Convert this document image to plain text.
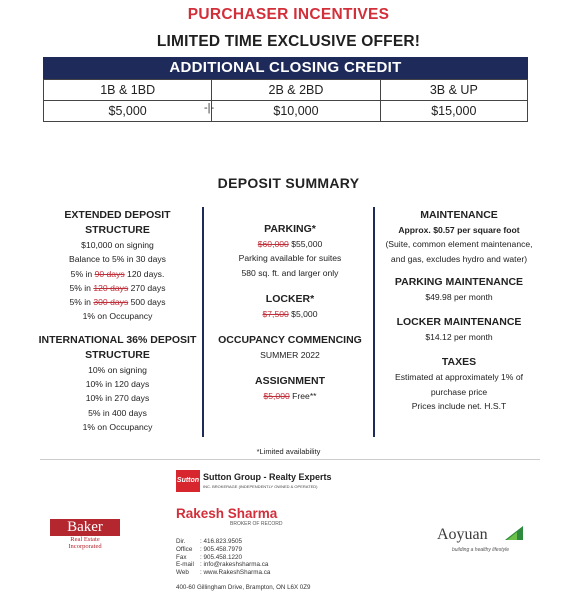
PURCHASER INCENTIVES
LIMITED TIME EXCLUSIVE OFFER!
ADDITIONAL CLOSING CREDIT
1B & 1BD	2B & 2BD	3B & UP
$5,000	$10,000	$15,000
-|-
DEPOSIT SUMMARY
EXTENDED DEPOSIT
STRUCTURE
$10,000 on signing
Balance to 5% in 30 days
5% in 90 days 120 days.
5% in 120 days 270 days
5% in 300 days 500 days
1% on Occupancy
INTERNATIONAL 36% DEPOSIT
STRUCTURE
10% on signing
10% in 120 days
10% in 270 days
5% in 400 days
1% on Occupancy
PARKING*
$60,000 $55,000
Parking available for suites
580 sq. ft. and larger only
LOCKER*
$7,500 $5,000
OCCUPANCY COMMENCING
SUMMER 2022
ASSIGNMENT
$5,000 Free**
MAINTENANCE
Approx. $0.57 per square foot
(Suite, common element maintenance,
and gas, excludes hydro and water)
PARKING MAINTENANCE
$49.98 per month
LOCKER MAINTENANCE
$14.12 per month
TAXES
Estimated at approximately 1% of
purchase price
Prices include net. H.S.T
*Limited availability
Sutton Sutton Group - Realty Experts
INC. BROKERAGE (INDEPENDENTLY OWNED & OPERATED)
Rakesh Sharma
BROKER OF RECORD
Dir. : 416.823.9505
Office : 905.458.7979
Fax : 905.458.1220
E-mail : info@rakeshsharma.ca
Web : www.RakeshSharma.ca
400-60 Gillingham Drive, Brampton, ON L6X 0Z9
Baker
Real Estate
Incorporated
Aoyuan
building a healthy lifestyle
